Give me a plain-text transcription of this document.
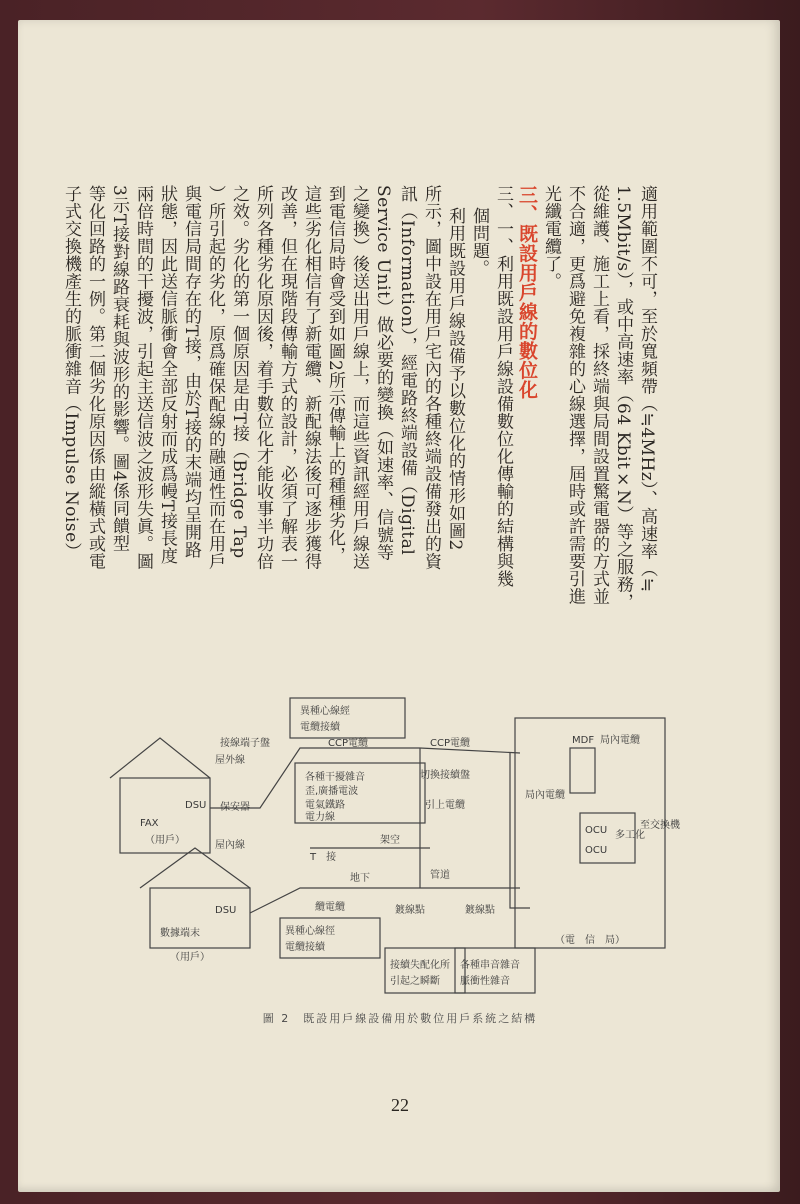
適用範圍不可，至於寬頻帶（≒4MHz）、高速率（≒
1.5Mbit/s），或中高速率（64 Kbit×N）等之服務，
從維護、施工上看，採終端與局間設置驚電器的方式並
不合適，更爲避免複雜的心線選擇，屆時或許需要引進
光纖電纜了。
三、既設用戶線的數位化
三、一、利用既設用戶線設備數位化傳輸的結構與幾
個問題。
利用既設用戶線設備予以數位化的情形如圖2
所示，圖中設在用戶宅內的各種終端設備發出的資
訊（Information），經電路終端設備（Digital
Service Unit）做必要的變換（如速率、信號等
之變換）後送出用戶線上，而這些資訊經用戶線送
到電信局時會受到如圖2所示傳輸上的種種劣化，
這些劣化相信有了新電纜、新配線法後可逐步獲得
改善，但在現階段傳輸方式的設計，必須了解表一
所列各種劣化原因後，着手數位化才能收事半功倍
之效。劣化的第一個原因是由T接（Bridge Tap
）所引起的劣化，原爲確保配線的融通性而在用戶
與電信局間存在的T接，由於T接的末端均呈開路
狀態，因此送信脈衝會全部反射而成爲幔T接長度
兩倍時間的干擾波，引起主送信波之波形失眞。圖
3示T接對線路衰耗與波形的影響。圖4係同饋型
等化回路的一例。第二個劣化原因係由縱橫式或電
子式交換機產生的脈衝雜音（Impulse Noise）
異種心線經
電纜接續
接線端子盤	CCP電纜	CCP電纜
切換接續盤
屋外線
保安器
FAX
DSU
（用戶）	屋內線
各種干擾雜音
歪,廣播電波
電氣鐵路
電力線
引上電纜
T　接
架空
地下	管道
局內電纜
MDF 局內電纜
OCU
OCU
多工化
至交換機
（電　信　局）
DSU
數據端末
（用戶）
異種心線徑
電纜接續
纜電纜	鍍線點	鍍線點
接續失配化所
引起之瞬斷
各種串音雜音
脈衝性雜音
圖 2　既設用戶線設備用於數位用戶系統之結構
22
